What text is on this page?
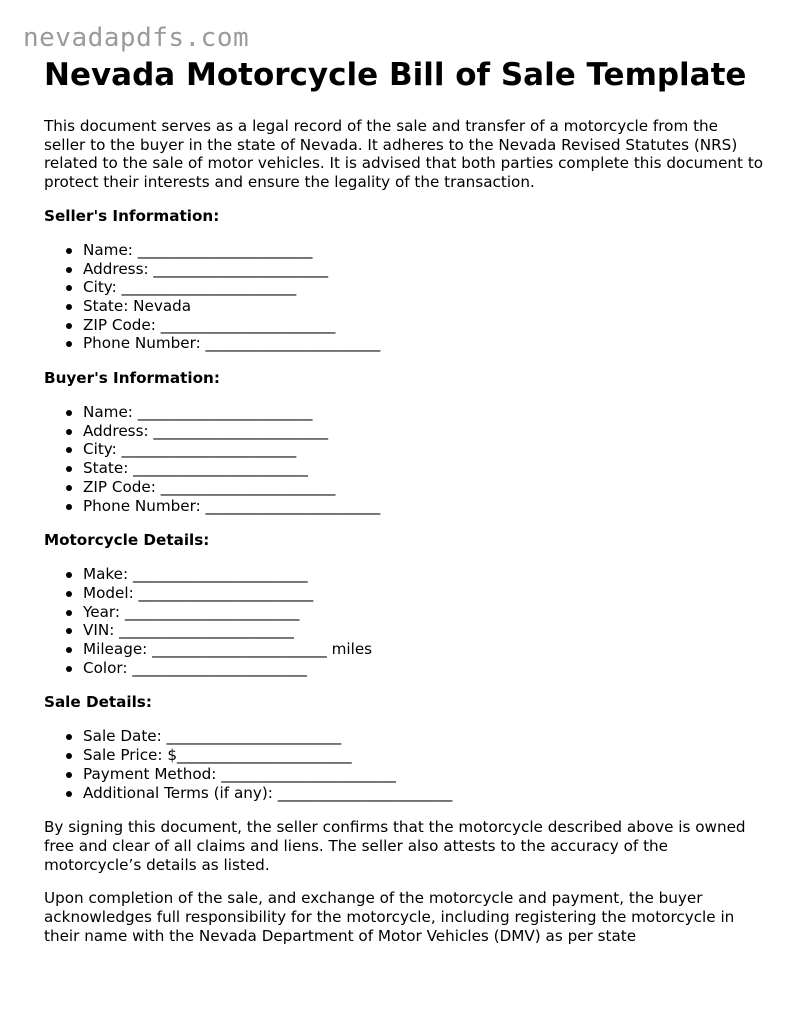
nevadapdfs.com
Nevada Motorcycle Bill of Sale Template

This document serves as a legal record of the sale and transfer of a motorcycle from the seller to the buyer in the state of Nevada. It adheres to the Nevada Revised Statutes (NRS) related to the sale of motor vehicles. It is advised that both parties complete this document to protect their interests and ensure the legality of the transaction.

Seller's Information:
Name: _______________________
Address: _______________________
City: _______________________
State: Nevada
ZIP Code: _______________________
Phone Number: _______________________
Buyer's Information:
Name: _______________________
Address: _______________________
City: _______________________
State: _______________________
ZIP Code: _______________________
Phone Number: _______________________
Motorcycle Details:
Make: _______________________
Model: _______________________
Year: _______________________
VIN: _______________________
Mileage: _______________________ miles
Color: _______________________
Sale Details:
Sale Date: _______________________
Sale Price: $_______________________
Payment Method: _______________________
Additional Terms (if any): _______________________

By signing this document, the seller confirms that the motorcycle described above is owned free and clear of all claims and liens. The seller also attests to the accuracy of the motorcycle’s details as listed.

Upon completion of the sale, and exchange of the motorcycle and payment, the buyer acknowledges full responsibility for the motorcycle, including registering the motorcycle in their name with the Nevada Department of Motor Vehicles (DMV) as per state
